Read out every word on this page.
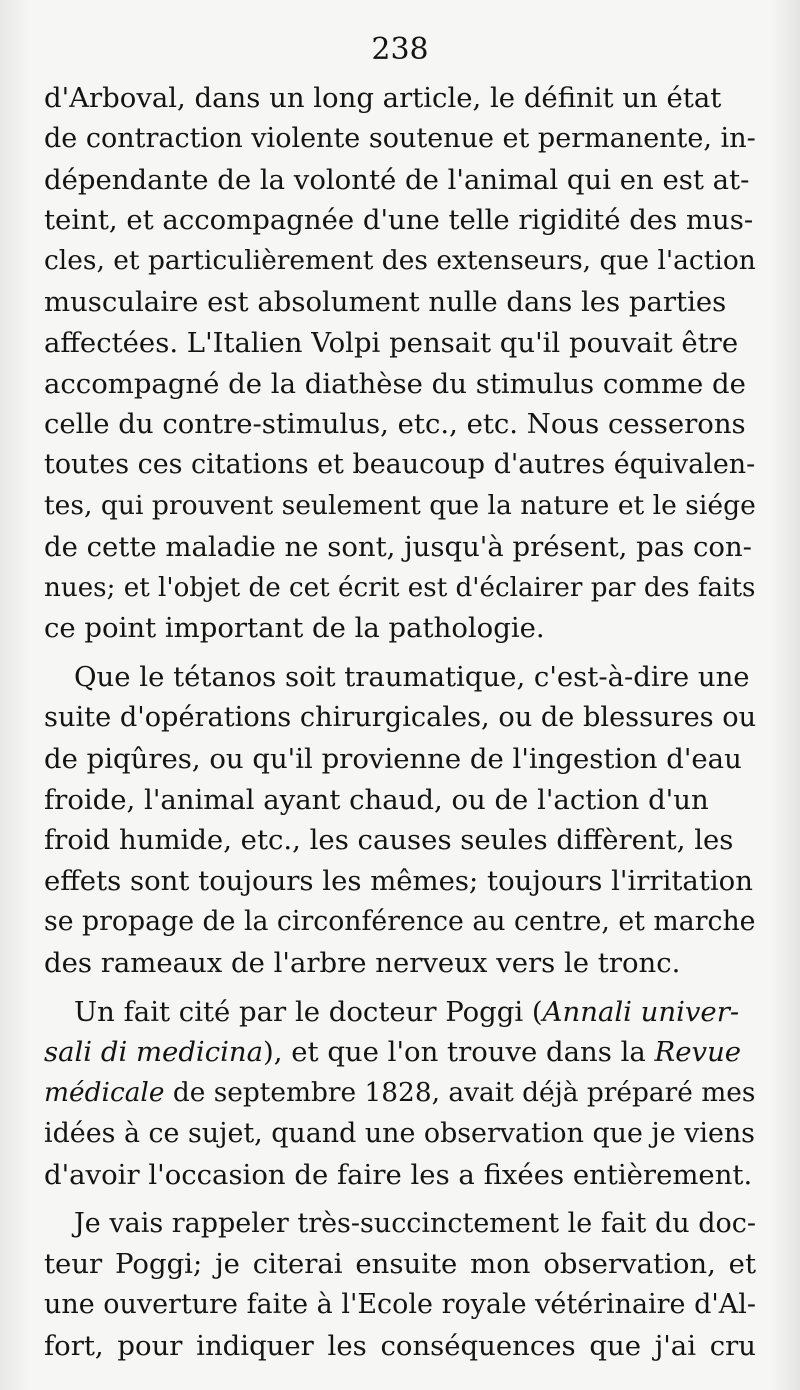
238

d'Arboval, dans un long article, le définit un état
de contraction violente soutenue et permanente, in-
dépendante de la volonté de l'animal qui en est at-
teint, et accompagnée d'une telle rigidité des mus-
cles, et particulièrement des extenseurs, que l'action
musculaire est absolument nulle dans les parties
affectées. L'Italien Volpi pensait qu'il pouvait être
accompagné de la diathèse du stimulus comme de
celle du contre-stimulus, etc., etc. Nous cesserons
toutes ces citations et beaucoup d'autres équivalen-
tes, qui prouvent seulement que la nature et le siége
de cette maladie ne sont, jusqu'à présent, pas con-
nues; et l'objet de cet écrit est d'éclairer par des faits
ce point important de la pathologie.

Que le tétanos soit traumatique, c'est-à-dire une
suite d'opérations chirurgicales, ou de blessures ou
de piqûres, ou qu'il provienne de l'ingestion d'eau
froide, l'animal ayant chaud, ou de l'action d'un
froid humide, etc., les causes seules diffèrent, les
effets sont toujours les mêmes; toujours l'irritation
se propage de la circonférence au centre, et marche
des rameaux de l'arbre nerveux vers le tronc.

Un fait cité par le docteur Poggi (Annali univer-
sali di medicina), et que l'on trouve dans la Revue
médicale de septembre 1828, avait déjà préparé mes
idées à ce sujet, quand une observation que je viens
d'avoir l'occasion de faire les a fixées entièrement.

Je vais rappeler très-succinctement le fait du doc-
teur Poggi; je citerai ensuite mon observation, et
une ouverture faite à l'Ecole royale vétérinaire d'Al-
fort, pour indiquer les conséquences que j'ai cru
